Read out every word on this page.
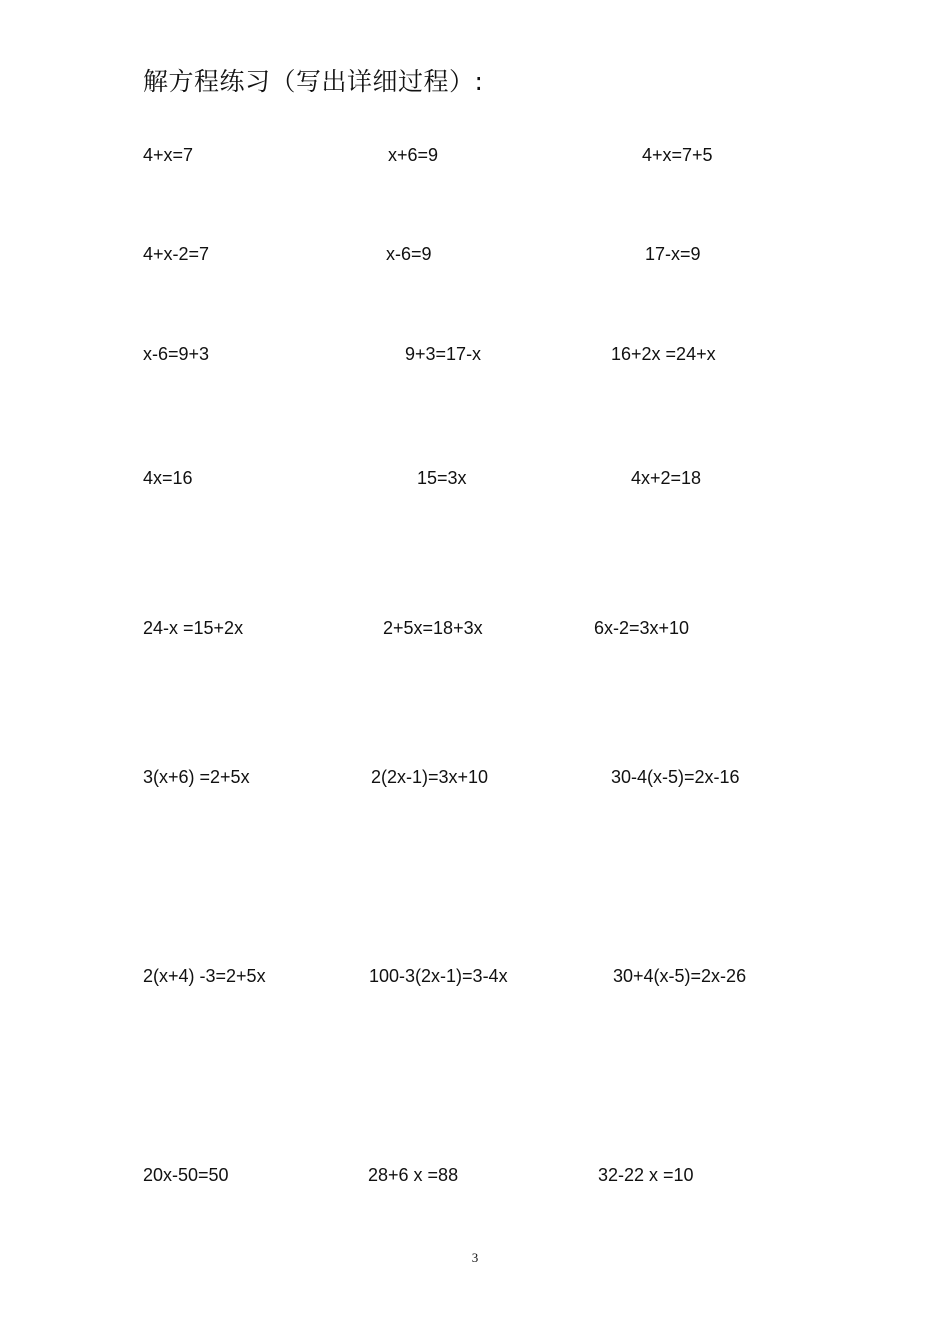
解方程练习（写出详细过程）:
4+x=7	x+6=9	4+x=7+5
4+x-2=7	x-6=9	17-x=9
x-6=9+3	9+3=17-x	16+2x =24+x
4x=16	15=3x	4x+2=18
24-x =15+2x	2+5x=18+3x	6x-2=3x+10
3(x+6) =2+5x	2(2x-1)=3x+10	30-4(x-5)=2x-16
2(x+4) -3=2+5x	100-3(2x-1)=3-4x	30+4(x-5)=2x-26
20x-50=50	28+6 x =88	32-22 x =10
3
